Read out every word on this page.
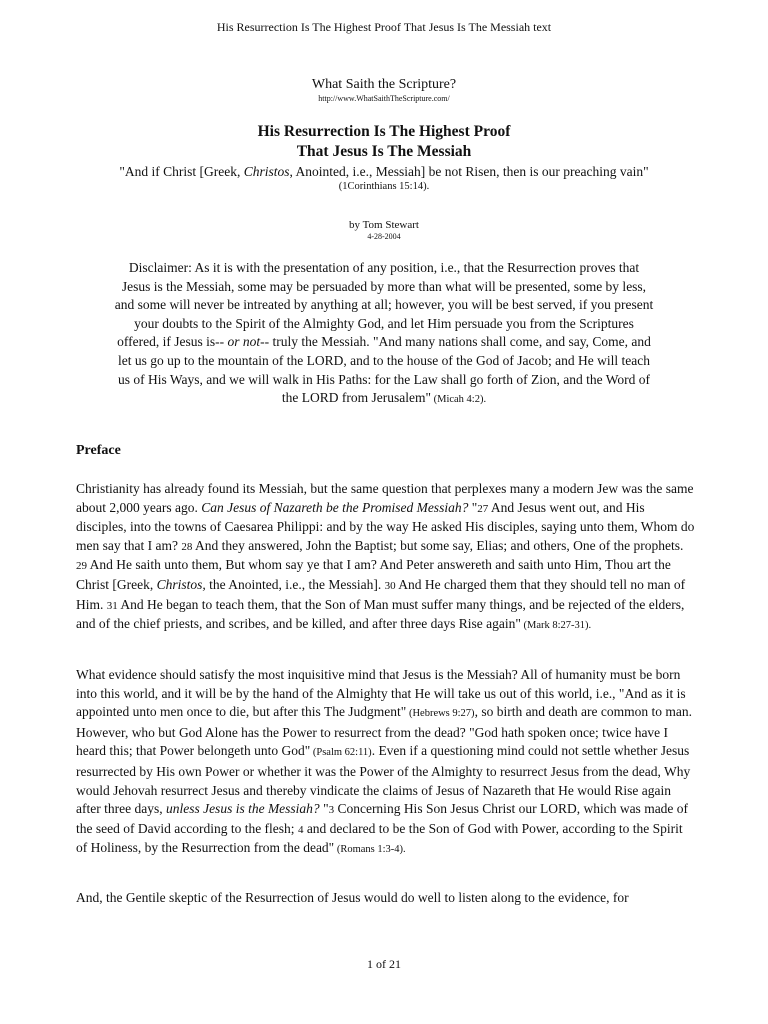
His Resurrection Is The Highest Proof That Jesus Is The Messiah text
What Saith the Scripture?
http://www.WhatSaithTheScripture.com/
His Resurrection Is The Highest Proof
That Jesus Is The Messiah
"And if Christ [Greek, Christos, Anointed, i.e., Messiah] be not Risen, then is our preaching vain"
(1Corinthians 15:14).
by Tom Stewart
4-28-2004
Disclaimer: As it is with the presentation of any position, i.e., that the Resurrection proves that Jesus is the Messiah, some may be persuaded by more than what will be presented, some by less, and some will never be intreated by anything at all; however, you will be best served, if you present your doubts to the Spirit of the Almighty God, and let Him persuade you from the Scriptures offered, if Jesus is-- or not-- truly the Messiah. "And many nations shall come, and say, Come, and let us go up to the mountain of the LORD, and to the house of the God of Jacob; and He will teach us of His Ways, and we will walk in His Paths: for the Law shall go forth of Zion, and the Word of the LORD from Jerusalem" (Micah 4:2).
Preface
Christianity has already found its Messiah, but the same question that perplexes many a modern Jew was the same about 2,000 years ago. Can Jesus of Nazareth be the Promised Messiah? "27 And Jesus went out, and His disciples, into the towns of Caesarea Philippi: and by the way He asked His disciples, saying unto them, Whom do men say that I am? 28 And they answered, John the Baptist; but some say, Elias; and others, One of the prophets. 29 And He saith unto them, But whom say ye that I am? And Peter answereth and saith unto Him, Thou art the Christ [Greek, Christos, the Anointed, i.e., the Messiah]. 30 And He charged them that they should tell no man of Him. 31 And He began to teach them, that the Son of Man must suffer many things, and be rejected of the elders, and of the chief priests, and scribes, and be killed, and after three days Rise again" (Mark 8:27-31).
What evidence should satisfy the most inquisitive mind that Jesus is the Messiah? All of humanity must be born into this world, and it will be by the hand of the Almighty that He will take us out of this world, i.e., "And as it is appointed unto men once to die, but after this The Judgment" (Hebrews 9:27), so birth and death are common to man. However, who but God Alone has the Power to resurrect from the dead? "God hath spoken once; twice have I heard this; that Power belongeth unto God" (Psalm 62:11). Even if a questioning mind could not settle whether Jesus resurrected by His own Power or whether it was the Power of the Almighty to resurrect Jesus from the dead, Why would Jehovah resurrect Jesus and thereby vindicate the claims of Jesus of Nazareth that He would Rise again after three days, unless Jesus is the Messiah? "3 Concerning His Son Jesus Christ our LORD, which was made of the seed of David according to the flesh; 4 and declared to be the Son of God with Power, according to the Spirit of Holiness, by the Resurrection from the dead" (Romans 1:3-4).
And, the Gentile skeptic of the Resurrection of Jesus would do well to listen along to the evidence, for
1 of 21
